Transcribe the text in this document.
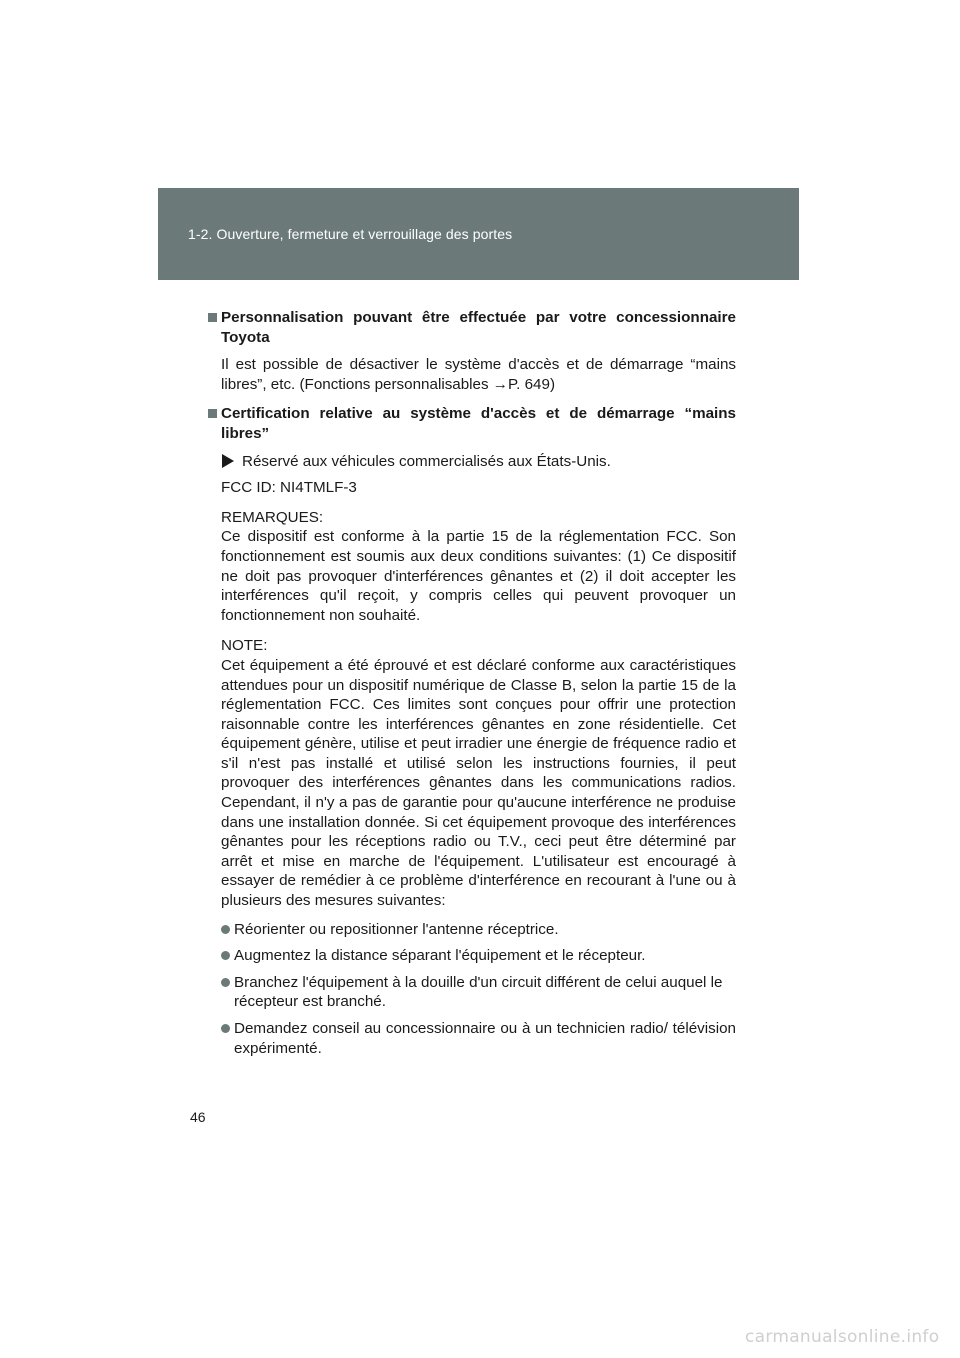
1-2. Ouverture, fermeture et verrouillage des portes
Personnalisation pouvant être effectuée par votre concessionnaire Toyota
Il est possible de désactiver le système d'accès et de démarrage “mains libres”, etc. (Fonctions personnalisables →P. 649)
Certification relative au système d'accès et de démarrage “mains libres”
Réservé aux véhicules commercialisés aux États-Unis.
FCC ID: NI4TMLF-3
REMARQUES:
Ce dispositif est conforme à la partie 15 de la réglementation FCC. Son fonctionnement est soumis aux deux conditions suivantes: (1) Ce dispositif ne doit pas provoquer d'interférences gênantes et (2) il doit accepter les interférences qu'il reçoit, y compris celles qui peuvent provoquer un fonctionnement non souhaité.
NOTE:
Cet équipement a été éprouvé et est déclaré conforme aux caractéristiques attendues pour un dispositif numérique de Classe B, selon la partie 15 de la réglementation FCC. Ces limites sont conçues pour offrir une protection raisonnable contre les interférences gênantes en zone résidentielle. Cet équipement génère, utilise et peut irradier une énergie de fréquence radio et s'il n'est pas installé et utilisé selon les instructions fournies, il peut provoquer des interférences gênantes dans les communications radios. Cependant, il n'y a pas de garantie pour qu'aucune interférence ne produise dans une installation donnée. Si cet équipement provoque des interférences gênantes pour les réceptions radio ou T.V., ceci peut être déterminé par arrêt et mise en marche de l'équipement. L'utilisateur est encouragé à essayer de remédier à ce problème d'interférence en recourant à l'une ou à plusieurs des mesures suivantes:
Réorienter ou repositionner l'antenne réceptrice.
Augmentez la distance séparant l'équipement et le récepteur.
Branchez l'équipement à la douille d'un circuit différent de celui auquel le récepteur est branché.
Demandez conseil au concessionnaire ou à un technicien radio/ télévision expérimenté.
46
carmanualsonline.info
